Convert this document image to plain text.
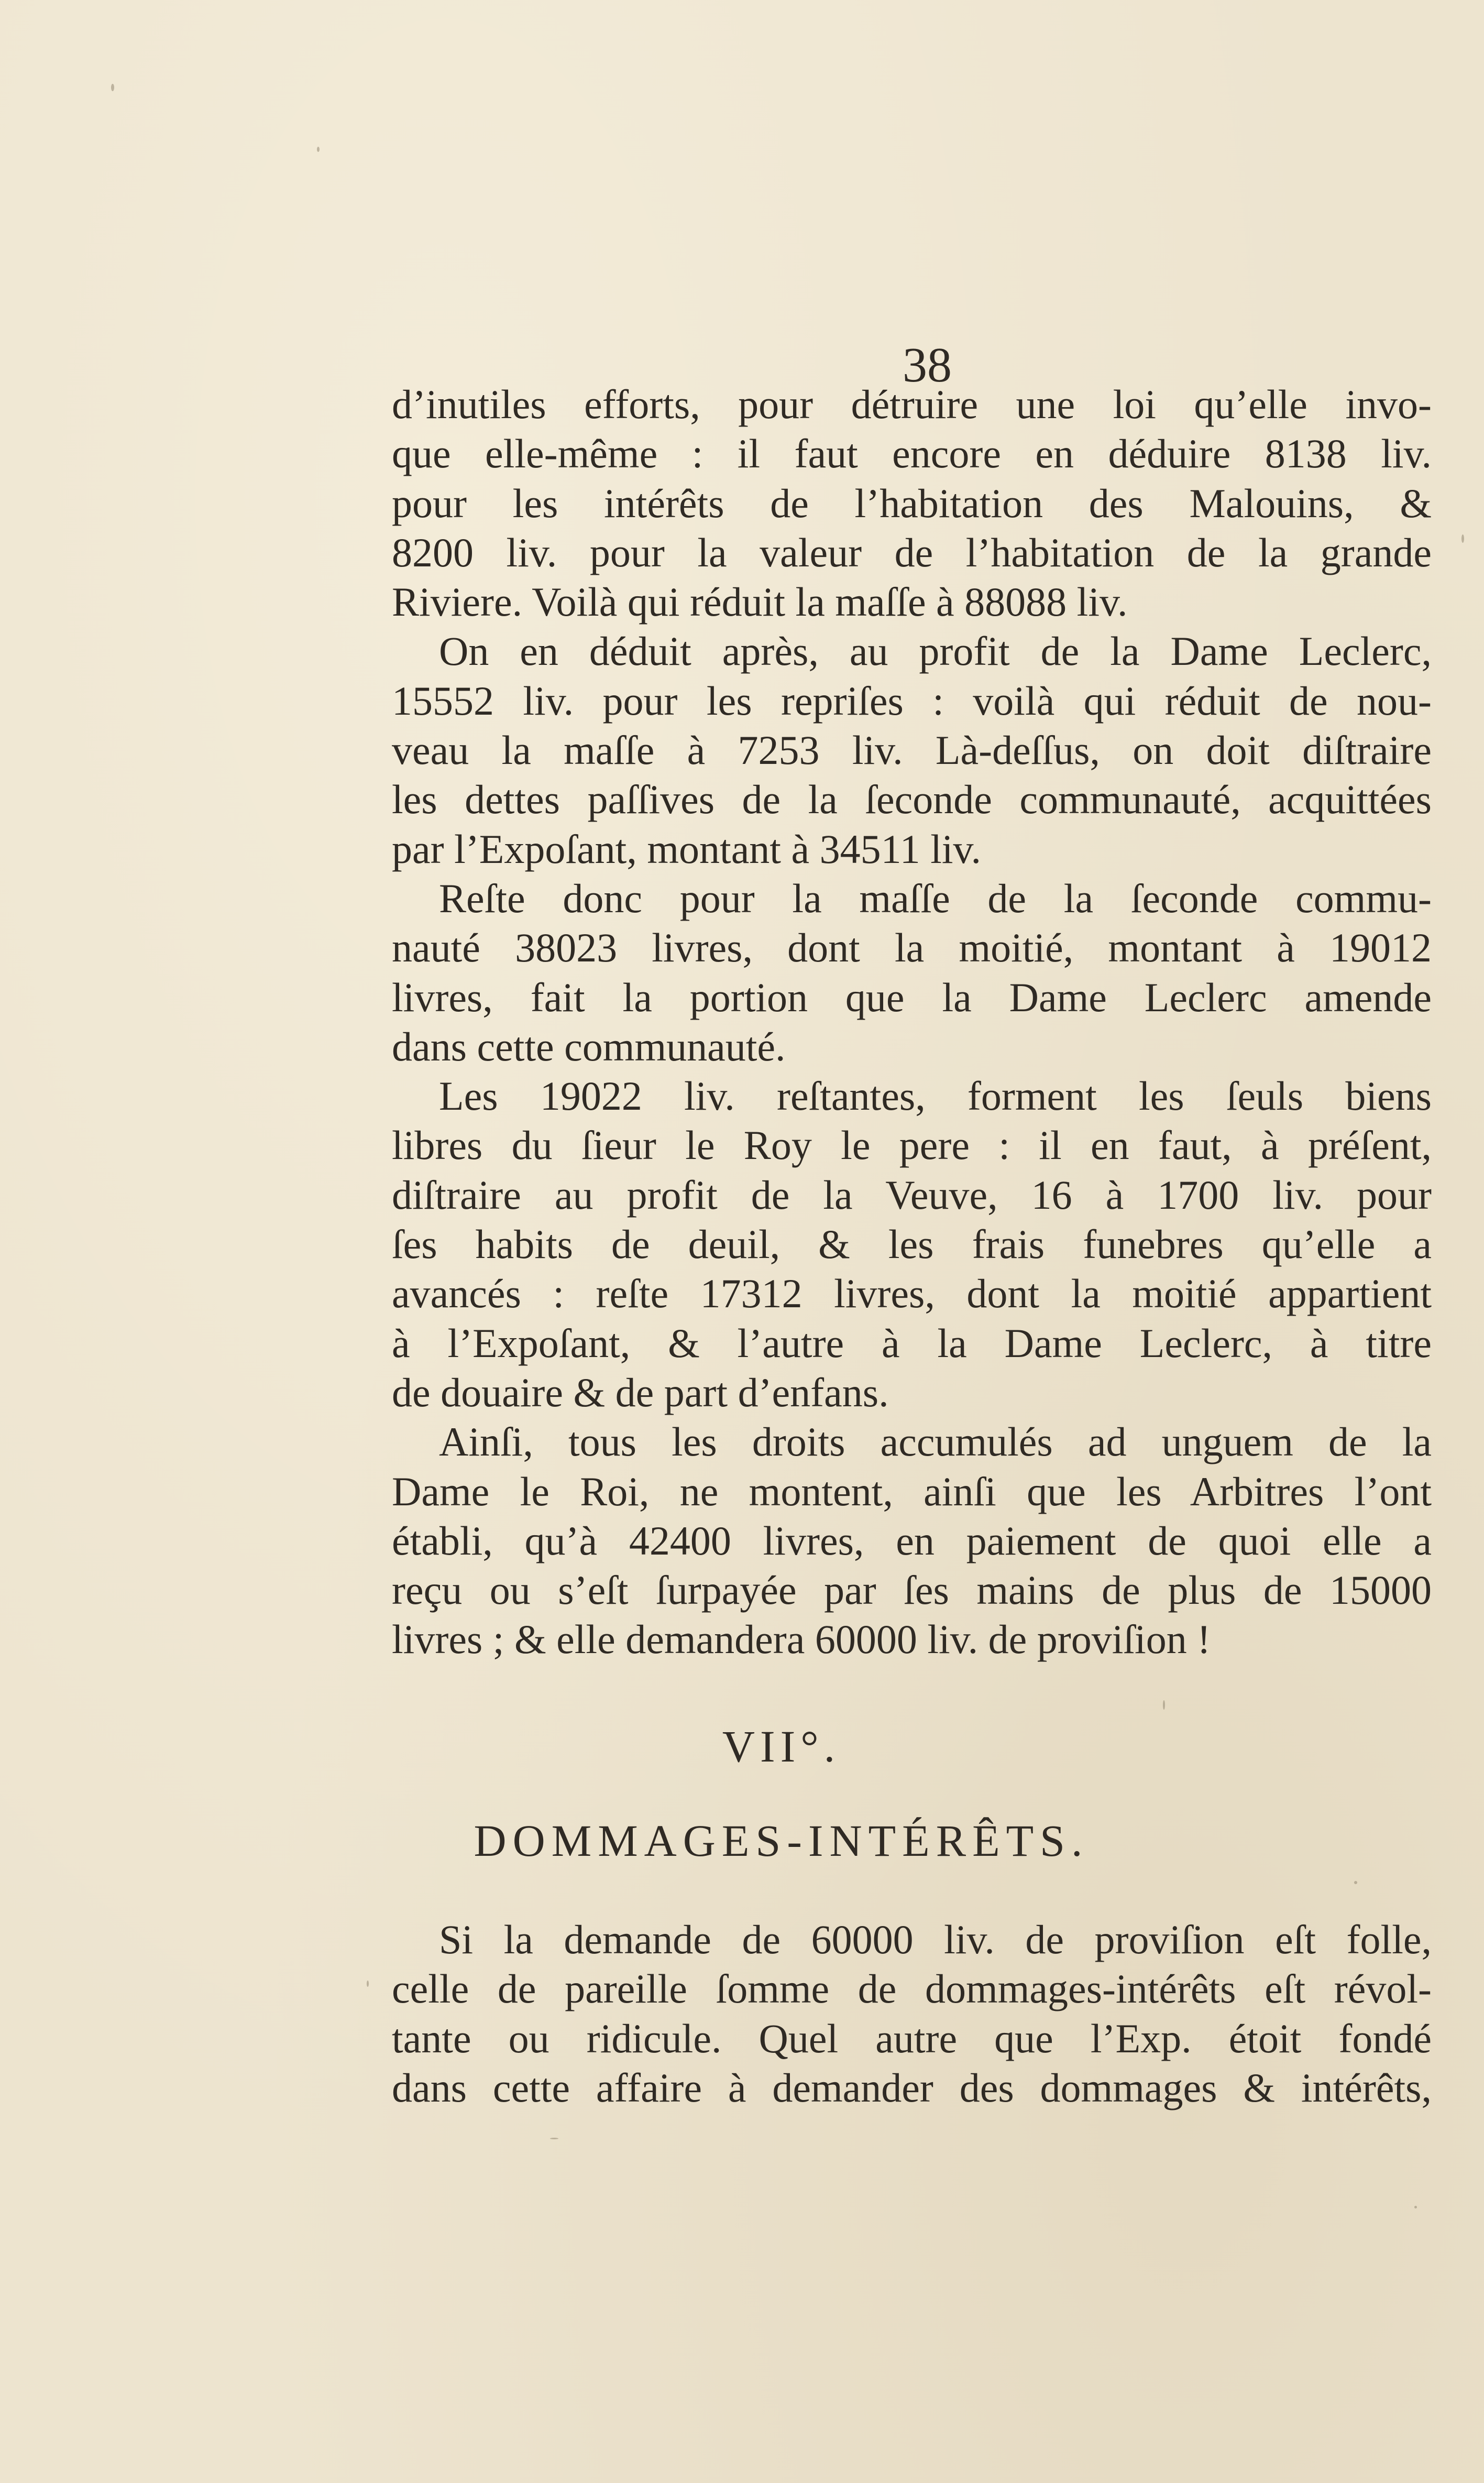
38
d’inutiles efforts, pour détruire une loi qu’elle invo-
que elle-même : il faut encore en déduire 8138 liv.
pour les intérêts de l’habitation des Malouins, &
8200 liv. pour la valeur de l’habitation de la grande
Riviere. Voilà qui réduit la maſſe à 88088 liv.
On en déduit après, au profit de la Dame Leclerc,
15552 liv. pour les repriſes : voilà qui réduit de nou-
veau la maſſe à 7253 liv. Là-deſſus, on doit diſtraire
les dettes paſſives de la ſeconde communauté, acquittées
par l’Expoſant, montant à 34511 liv.
Reſte donc pour la maſſe de la ſeconde commu-
nauté 38023 livres, dont la moitié, montant à 19012
livres, fait la portion que la Dame Leclerc amende
dans cette communauté.
Les 19022 liv. reſtantes, forment les ſeuls biens
libres du ſieur le Roy le pere : il en faut, à préſent,
diſtraire au profit de la Veuve, 16 à 1700 liv. pour
ſes habits de deuil, & les frais funebres qu’elle a
avancés : reſte 17312 livres, dont la moitié appartient
à l’Expoſant, & l’autre à la Dame Leclerc, à titre
de douaire & de part d’enfans.
Ainſi, tous les droits accumulés ad unguem de la
Dame le Roi, ne montent, ainſi que les Arbitres l’ont
établi, qu’à 42400 livres, en paiement de quoi elle a
reçu ou s’eſt ſurpayée par ſes mains de plus de 15000
livres ; & elle demandera 60000 liv. de proviſion !
VII°.
DOMMAGES-INTÉRÊTS.
Si la demande de 60000 liv. de proviſion eſt folle,
celle de pareille ſomme de dommages-intérêts eſt révol-
tante ou ridicule. Quel autre que l’Exp. étoit fondé
dans cette affaire à demander des dommages & intérêts,
